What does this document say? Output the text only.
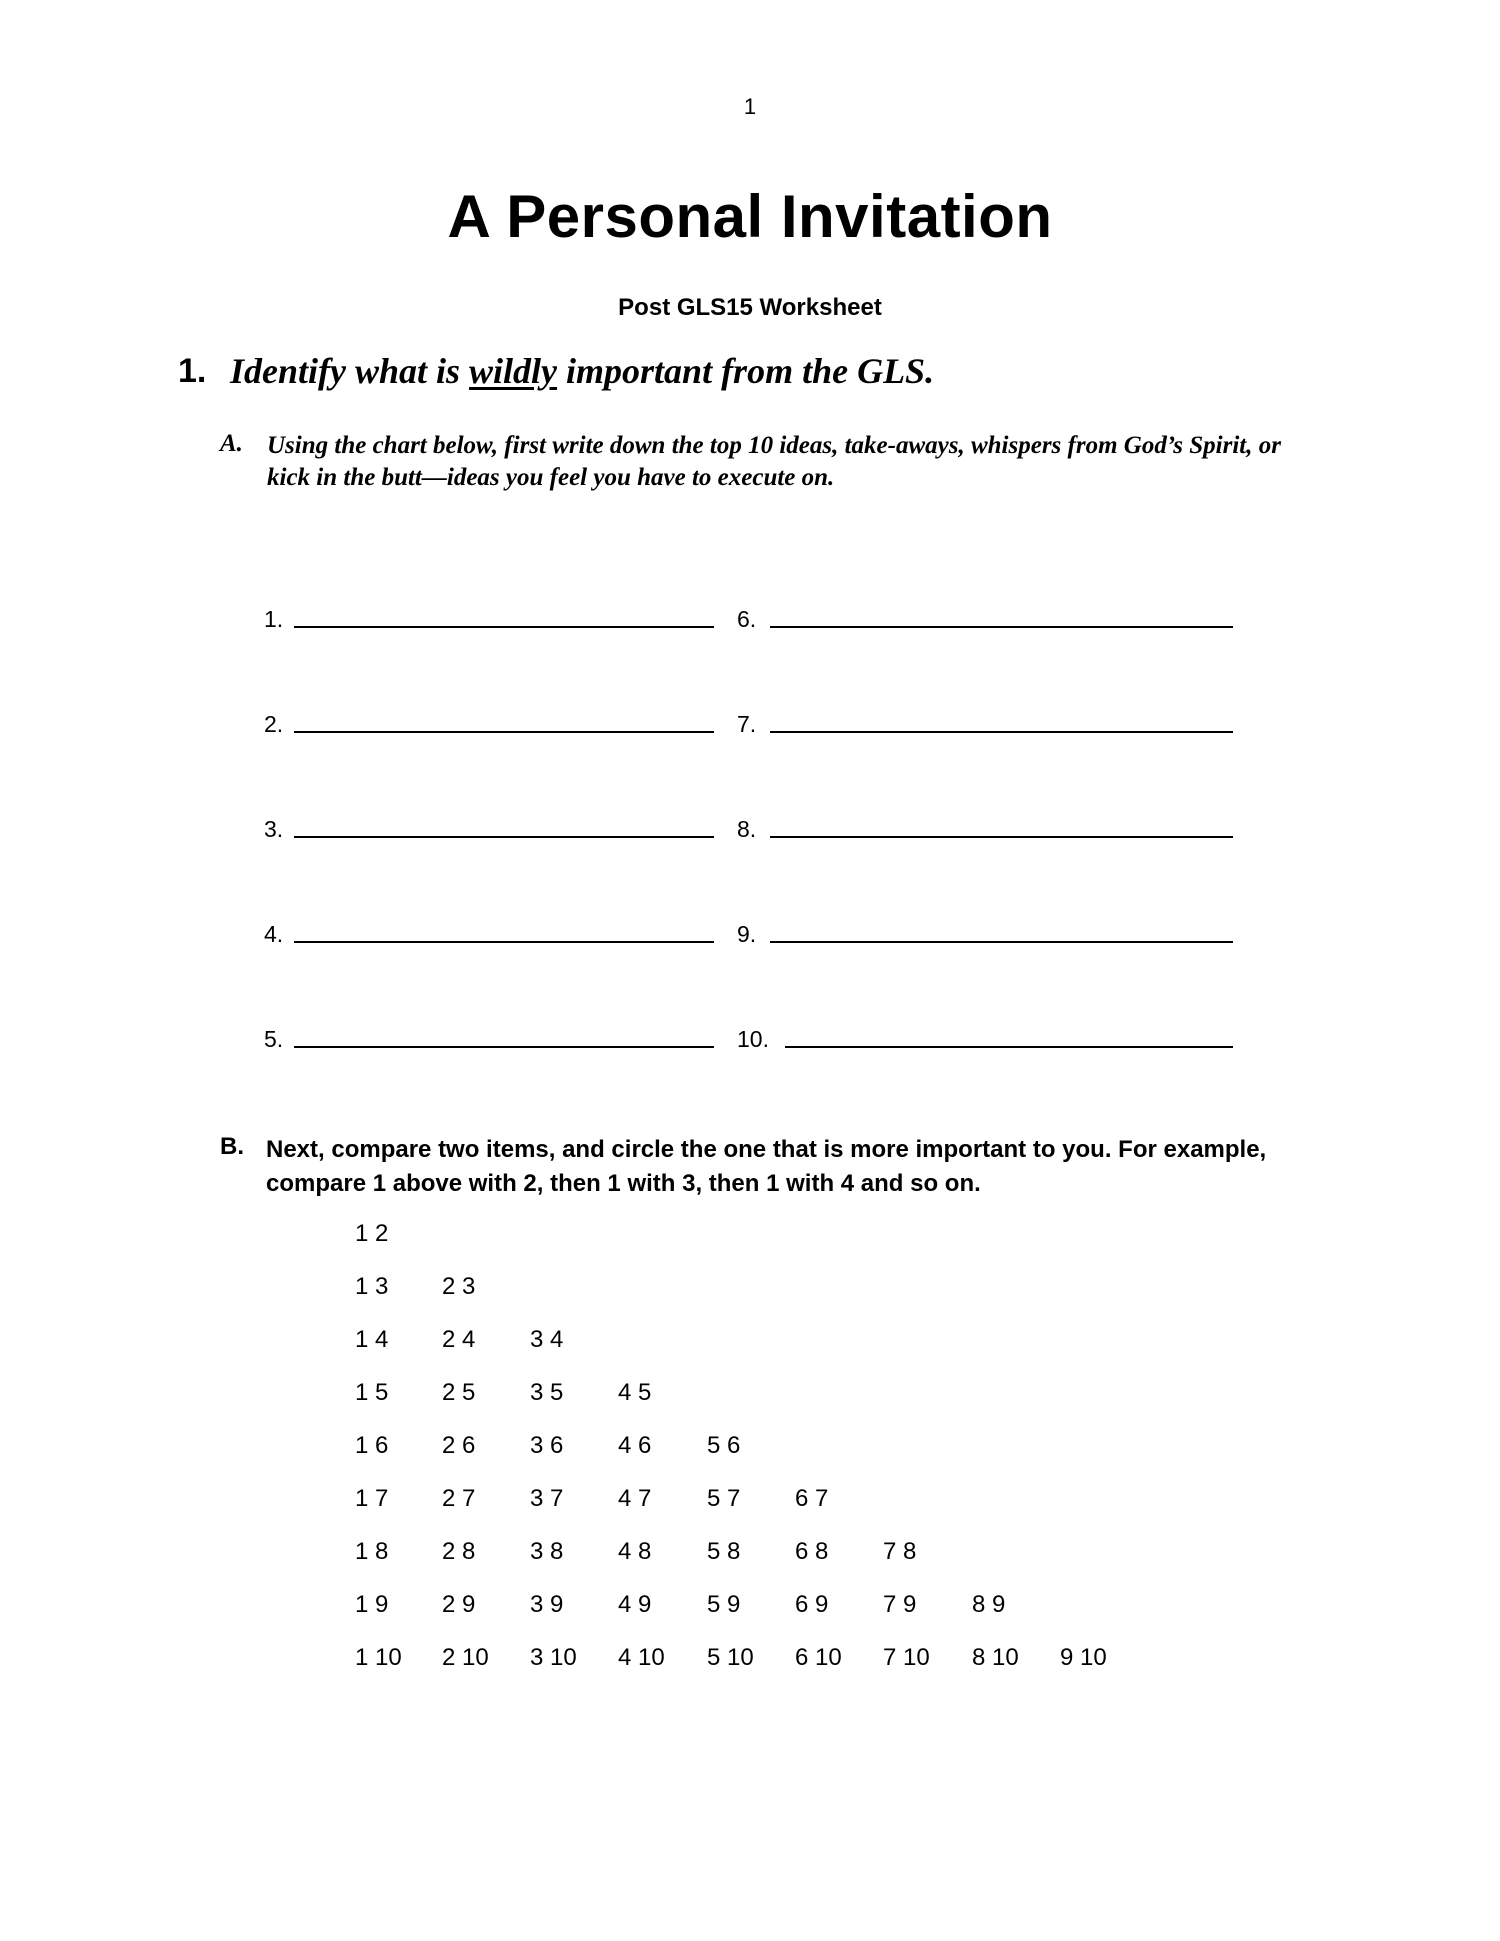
1
A Personal Invitation
Post GLS15 Worksheet
1. Identify what is wildly important from the GLS.
A. Using the chart below, first write down the top 10 ideas, take-aways, whispers from God’s Spirit, or kick in the butt—ideas you feel you have to execute on.
1.
2.
3.
4.
5.
6.
7.
8.
9.
10.
B. Next, compare two items, and circle the one that is more important to you. For example, compare 1 above with 2, then 1 with 3, then 1 with 4 and so on.
1 2
1 3 2 3
1 4 2 4 3 4
1 5 2 5 3 5 4 5
1 6 2 6 3 6 4 6 5 6
1 7 2 7 3 7 4 7 5 7 6 7
1 8 2 8 3 8 4 8 5 8 6 8 7 8
1 9 2 9 3 9 4 9 5 9 6 9 7 9 8 9
1 10 2 10 3 10 4 10 5 10 6 10 7 10 8 10 9 10
